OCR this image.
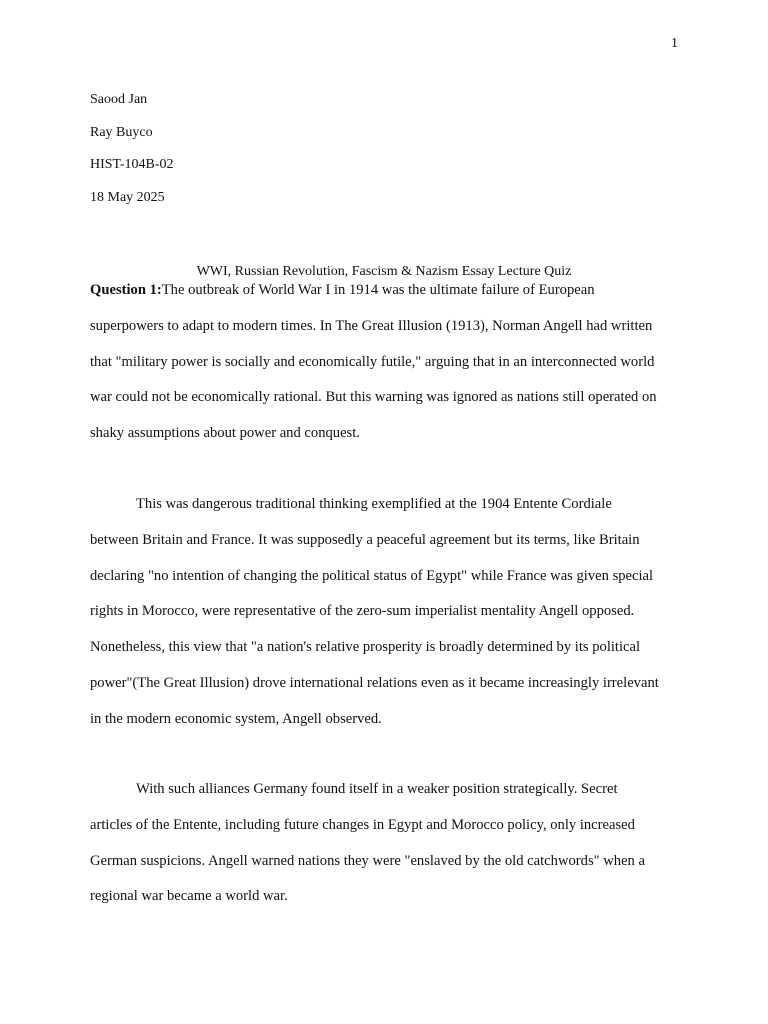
1
Saood Jan
Ray Buyco
HIST-104B-02
18 May 2025
WWI, Russian Revolution, Fascism & Nazism Essay Lecture Quiz
Question 1:The outbreak of World War I in 1914 was the ultimate failure of European
superpowers to adapt to modern times. In The Great Illusion (1913), Norman Angell had written
that "military power is socially and economically futile," arguing that in an interconnected world
war could not be economically rational. But this warning was ignored as nations still operated on
shaky assumptions about power and conquest.
This was dangerous traditional thinking exemplified at the 1904 Entente Cordiale
between Britain and France. It was supposedly a peaceful agreement but its terms, like Britain
declaring "no intention of changing the political status of Egypt" while France was given special
rights in Morocco, were representative of the zero-sum imperialist mentality Angell opposed.
Nonetheless, this view that "a nation's relative prosperity is broadly determined by its political
power"(The Great Illusion) drove international relations even as it became increasingly irrelevant
in the modern economic system, Angell observed.
With such alliances Germany found itself in a weaker position strategically. Secret
articles of the Entente, including future changes in Egypt and Morocco policy, only increased
German suspicions. Angell warned nations they were "enslaved by the old catchwords" when a
regional war became a world war.
